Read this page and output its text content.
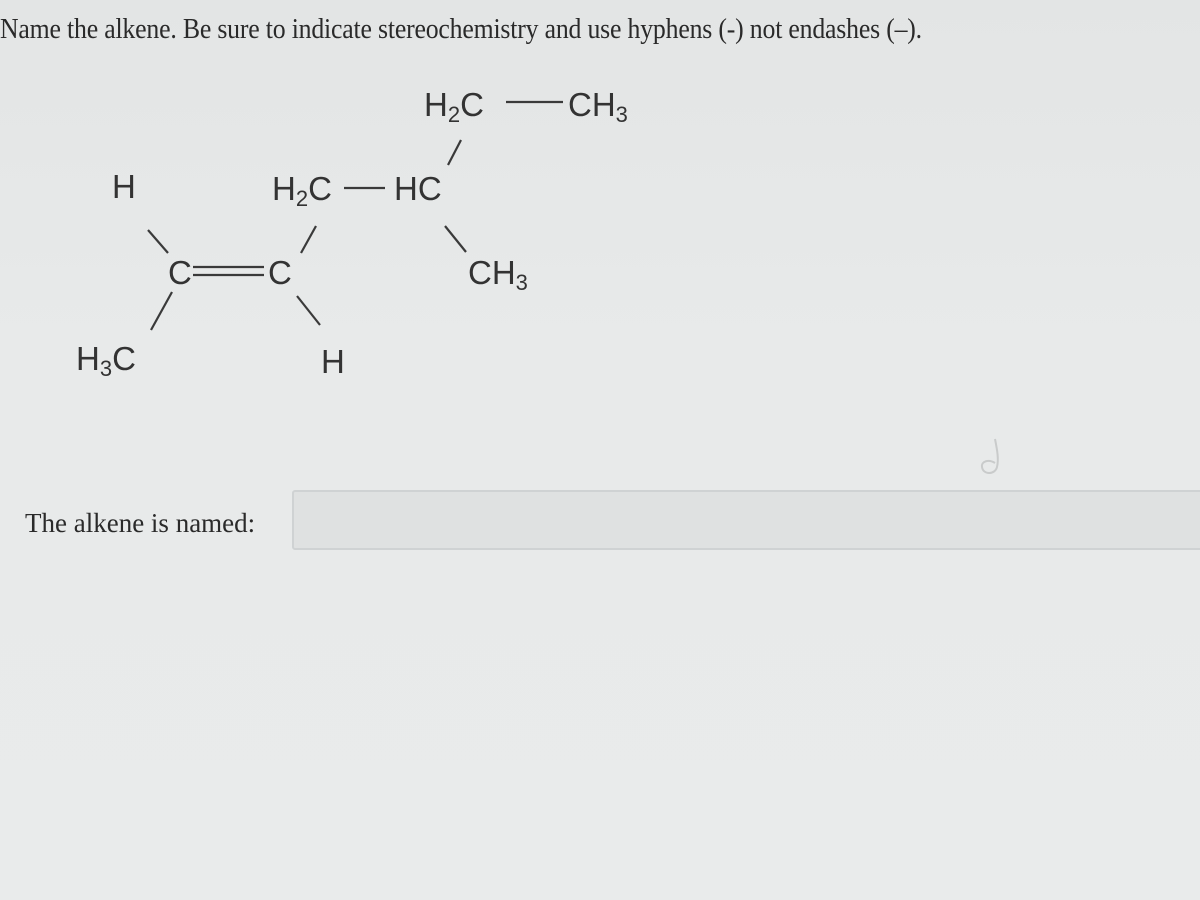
Name the alkene. Be sure to indicate stereochemistry and use hyphens (-) not endashes (–).
H
C C
$H_3C$	H
$H_2C$ HC
$H_2C$	$CH_3$
$CH_3$
The alkene is named:
